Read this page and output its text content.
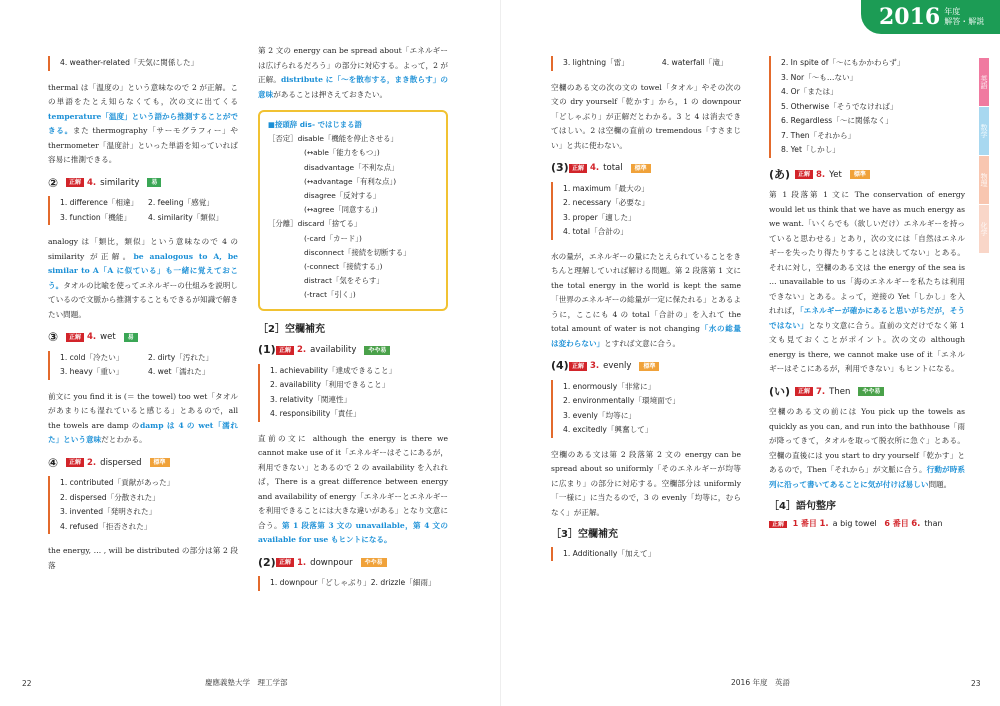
4. weather-related「天気に関係した」
thermal は「温度の」という意味なので 2 が正解。この単語をたとえ知らなくても，次の文に出てくるtemperature「温度」という語から推測することができる。また thermography「サーモグラフィー」や thermometer「温度計」といった単語を知っていれば容易に推測できる。
②	正解 4. similarity	易
1. difference「相違」	2. feeling「感覚」
3. function「機能」	4. similarity「類似」
analogy は「類比，類似」という意味なので 4 の similarity が正解。be analogous to A, be similar to A「A に似ている」も一緒に覚えておこう。タオルの比喩を使ってエネルギーの仕組みを説明しているので文脈から推測することもできるが知識で解きたい問題。
③	正解 4. wet	易
1. cold「冷たい」	2. dirty「汚れた」
3. heavy「重い」	4. wet「濡れた」
前文に you find it is (＝ the towel) too wet「タオルがあまりにも湿れていると感じる」とあるので，all the towels are damp のdamp は 4 の wet「濡れた」という意味だとわかる。
④	正解 2. dispersed	標準
1. contributed「貢献があった」
2. dispersed「分散された」
3. invented「発明された」
4. refused「拒否された」
the energy, … , will be distributed の部分は第 2 段落
第 2 文の energy can be spread about「エネルギーは広げられるだろう」の部分に対応する。よって，2 が正解。distribute に「～を散布する，まき散らす」の意味があることは押さえておきたい。
■接頭辞 dis- ではじまる語
［否定］disable「機能を停止させる」
(↔able「能力をもつ」)
disadvantage「不利な点」
(↔advantage「有利な点」)
disagree「反対する」
(↔agree「同意する」)
［分離］discard「捨てる」
(-card「カード」)
disconnect「接続を切断する」
(-connect「接続する」)
distract「気をそらす」
(-tract「引く」)
［2］空欄補充
(1) 正解 2. availability	やや易
1. achievability「達成できること」
2. availability「利用できること」
3. relativity「関連性」
4. responsibility「責任」
直前の文に although the energy is there we cannot make use of it「エネルギーはそこにあるが，利用できない」とあるので 2 の availability を入れれば，There is a great difference between energy and availability of energy「エネルギーとエネルギーを利用できることには大きな違いがある」となり文意に合う。第 1 段落第 3 文の unavailable，第 4 文の available for use もヒントになる。
(2) 正解 1. downpour	やや易
1. downpour「どしゃぶり」 2. drizzle「細雨」
22	慶應義塾大学　理工学部
2016 年度
解答・解説
英語
数学
物理
化学
3. lightning「雷」	4. waterfall「滝」
空欄のある文の次の文の towel「タオル」やその次の文の dry yourself「乾かす」から，1 の downpour「どしゃぶり」が正解だとわかる。3 と 4 は消去できてはしい。2 は空欄の直前の tremendous「すさまじい」と共に使わない。
(3) 正解 4. total	標準
1. maximum「最大の」
2. necessary「必要な」
3. proper「適した」
4. total「合計の」
水の量が，エネルギーの量にたとえられていることをきちんと理解していれば解ける問題。第 2 段落第 1 文に the total energy in the world is kept the same「世界のエネルギーの総量が一定に保たれる」とあるように，ここにも 4 の total「合計の」を入れて the total amount of water is not changing「水の総量は変わらない」とすれば文意に合う。
(4) 正解 3. evenly	標準
1. enormously「非常に」
2. environmentally「環境面で」
3. evenly「均等に」
4. excitedly「興奮して」
空欄のある文は第 2 段落第 2 文の energy can be spread about so uniformly「そのエネルギーが均等に広まり」の部分に対応する。空欄部分は uniformly「一様に」に当たるので，3 の evenly「均等に，むらなく」が正解。
［3］空欄補充
1. Additionally「加えて」
2. In spite of「～にもかかわらず」
3. Nor「～も…ない」
4. Or「または」
5. Otherwise「そうでなければ」
6. Regardless「～に関係なく」
7. Then「それから」
8. Yet「しかし」
(あ)	正解 8. Yet	標準
第 1 段落第 1 文に The conservation of energy would let us think that we have as much energy as we want.「いくらでも（欲しいだけ）エネルギーを持っていると思わせる」とあり，次の文には「自然はエネルギーを失ったり得たりすることは決してない」とある。それに対し，空欄のある文は the energy of the sea is … unavailable to us「海のエネルギーを私たちは利用できない」とある。よって，逆接の Yet「しかし」を入れれば，「エネルギーが確かにあると思いがちだが，そうではない」となり文意に合う。直前の文だけでなく第 1 文も見ておくことがポイント。次の文の although energy is there, we cannot make use of it「エネルギーはそこにあるが，利用できない」もヒントになる。
(い)	正解 7. Then	やや易
空欄のある文の前には You pick up the towels as quickly as you can, and run into the bathhouse「雨が降ってきて，タオルを取って脱衣所に急ぐ」とある。空欄の直後には you start to dry yourself「乾かす」とあるので，Then「それから」が文脈に合う。行動が時系列に沿って書いてあることに気が付けば易しい問題。
［4］語句整序
正解 1 番目 1. a big towel 6 番目 6. than
2016 年度　英語	23
